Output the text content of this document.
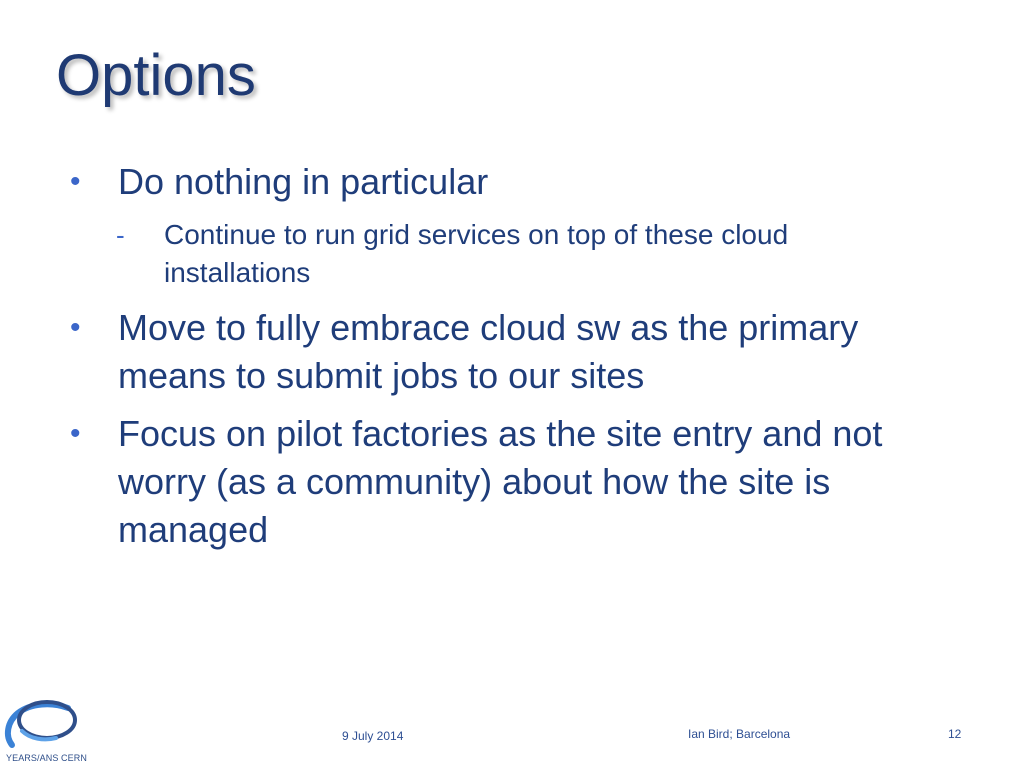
Options
• Do nothing in particular
- Continue to run grid services on top of these cloud installations
• Move to fully embrace cloud sw as the primary means to submit jobs to our sites
• Focus on pilot factories as the site entry and not worry (as a community) about how the site is managed
YEARS/ANS CERN
9 July 2014	Ian Bird; Barcelona	12
